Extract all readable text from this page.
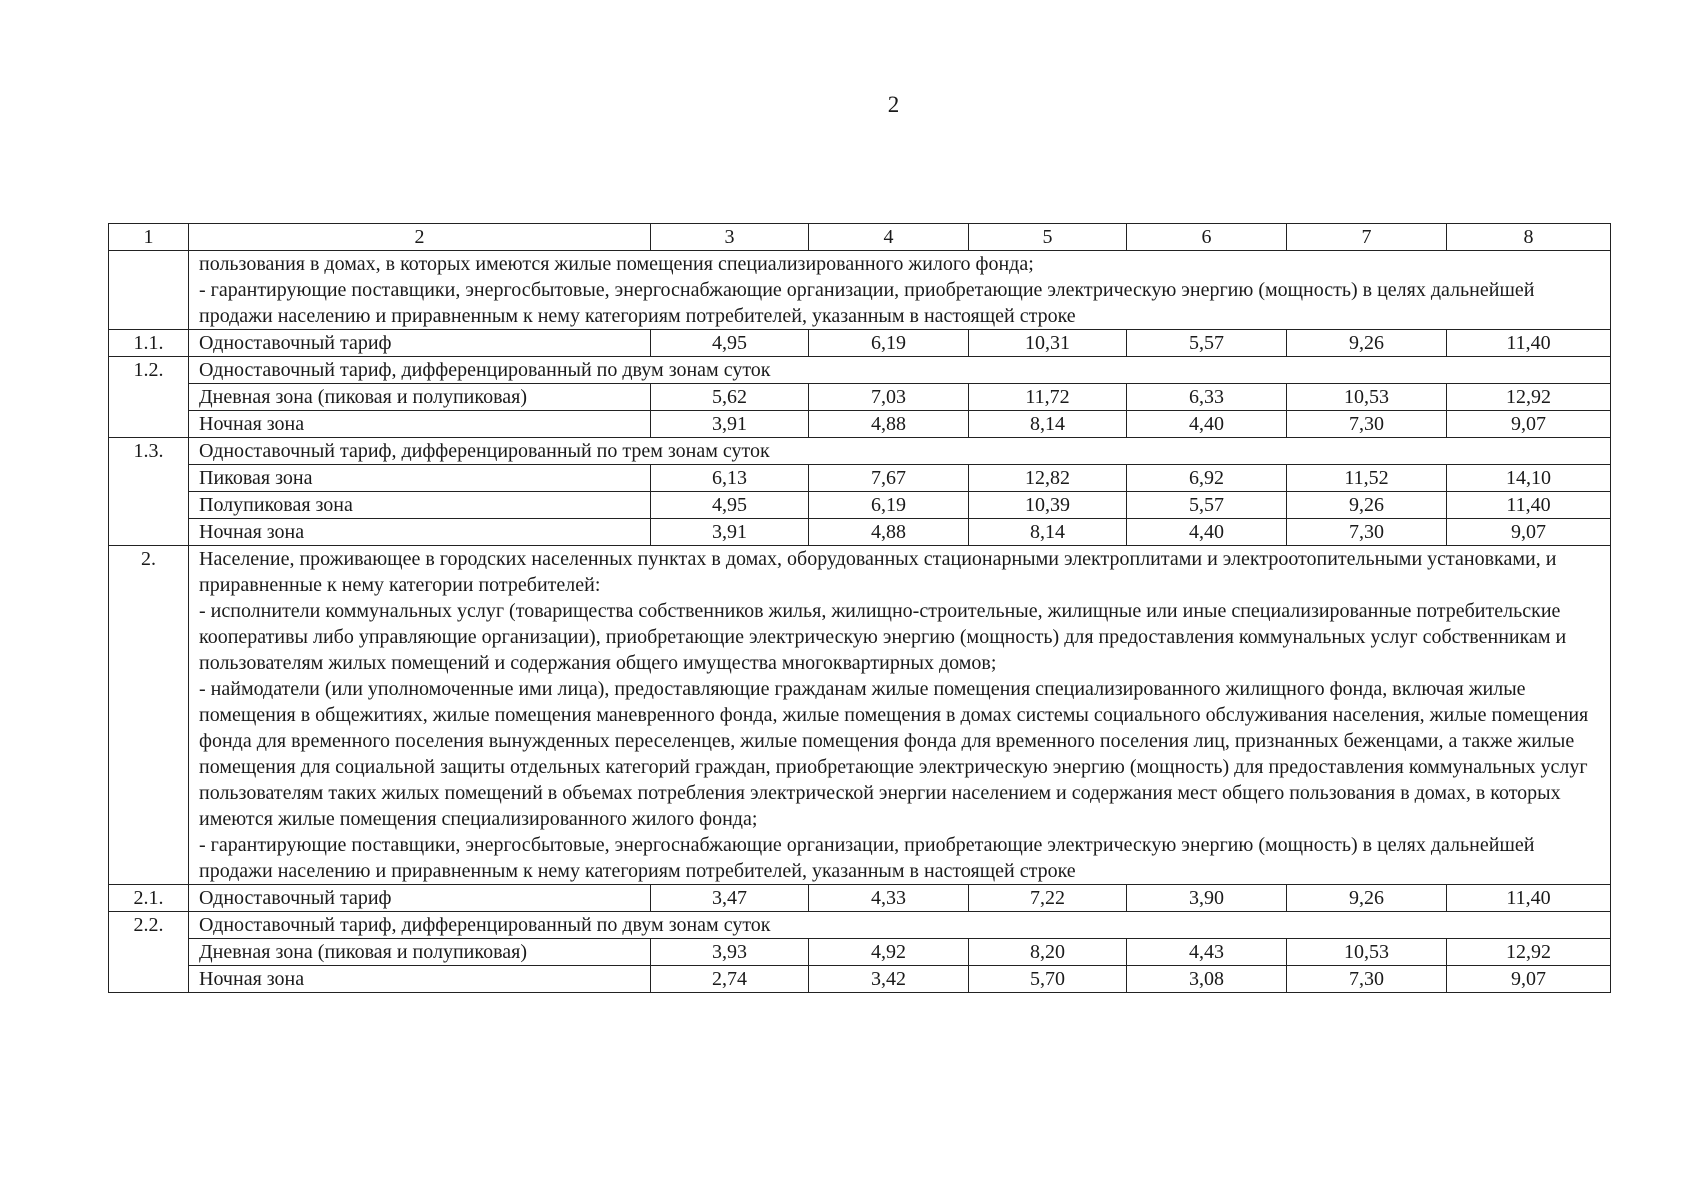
2
1	2	3	4	5	6	7	8

	пользования в домах, в которых имеются жилые помещения специализированного жилого фонда;
- гарантирующие поставщики, энергосбытовые, энергоснабжающие организации, приобретающие электрическую энергию (мощность) в целях дальнейшей продажи населению и приравненным к нему категориям потребителей, указанным в настоящей строке						

1.1.	Одноставочный тариф	4,95	6,19	10,31	5,57	9,26	11,40
1.2.	Одноставочный тариф, дифференцированный по двум зонам суток						
	Дневная зона (пиковая и полупиковая)	5,62	7,03	11,72	6,33	10,53	12,92
	Ночная зона	3,91	4,88	8,14	4,40	7,30	9,07
1.3.	Одноставочный тариф, дифференцированный по трем зонам суток						
	Пиковая зона	6,13	7,67	12,82	6,92	11,52	14,10
	Полупиковая зона	4,95	6,19	10,39	5,57	9,26	11,40
	Ночная зона	3,91	4,88	8,14	4,40	7,30	9,07
2.	Население, проживающее в городских населенных пунктах в домах, оборудованных стационарными электроплитами и электроотопительными установками, и приравненные к нему категории потребителей:
- исполнители коммунальных услуг (товарищества собственников жилья, жилищно-строительные, жилищные или иные специализированные потребительские кооперативы либо управляющие организации), приобретающие электрическую энергию (мощность) для предоставления коммунальных услуг собственникам и пользователям жилых помещений и содержания общего имущества многоквартирных домов;
- наймодатели (или уполномоченные ими лица), предоставляющие гражданам жилые помещения специализированного жилищного фонда, включая жилые помещения в общежитиях, жилые помещения маневренного фонда, жилые помещения в домах системы социального обслуживания населения, жилые помещения фонда для временного поселения вынужденных переселенцев, жилые помещения фонда для временного поселения лиц, признанных беженцами, а также жилые помещения для социальной защиты отдельных категорий граждан, приобретающие электрическую энергию (мощность) для предоставления коммунальных услуг пользователям таких жилых помещений в объемах потребления электрической энергии населением и содержания мест общего пользования в домах, в которых имеются жилые помещения специализированного жилого фонда;
- гарантирующие поставщики, энергосбытовые, энергоснабжающие организации, приобретающие электрическую энергию (мощность) в целях дальнейшей продажи населению и приравненным к нему категориям потребителей, указанным в настоящей строке						

2.1.	Одноставочный тариф	3,47	4,33	7,22	3,90	9,26	11,40
2.2.	Одноставочный тариф, дифференцированный по двум зонам суток						
	Дневная зона (пиковая и полупиковая)	3,93	4,92	8,20	4,43	10,53	12,92
	Ночная зона	2,74	3,42	5,70	3,08	7,30	9,07
